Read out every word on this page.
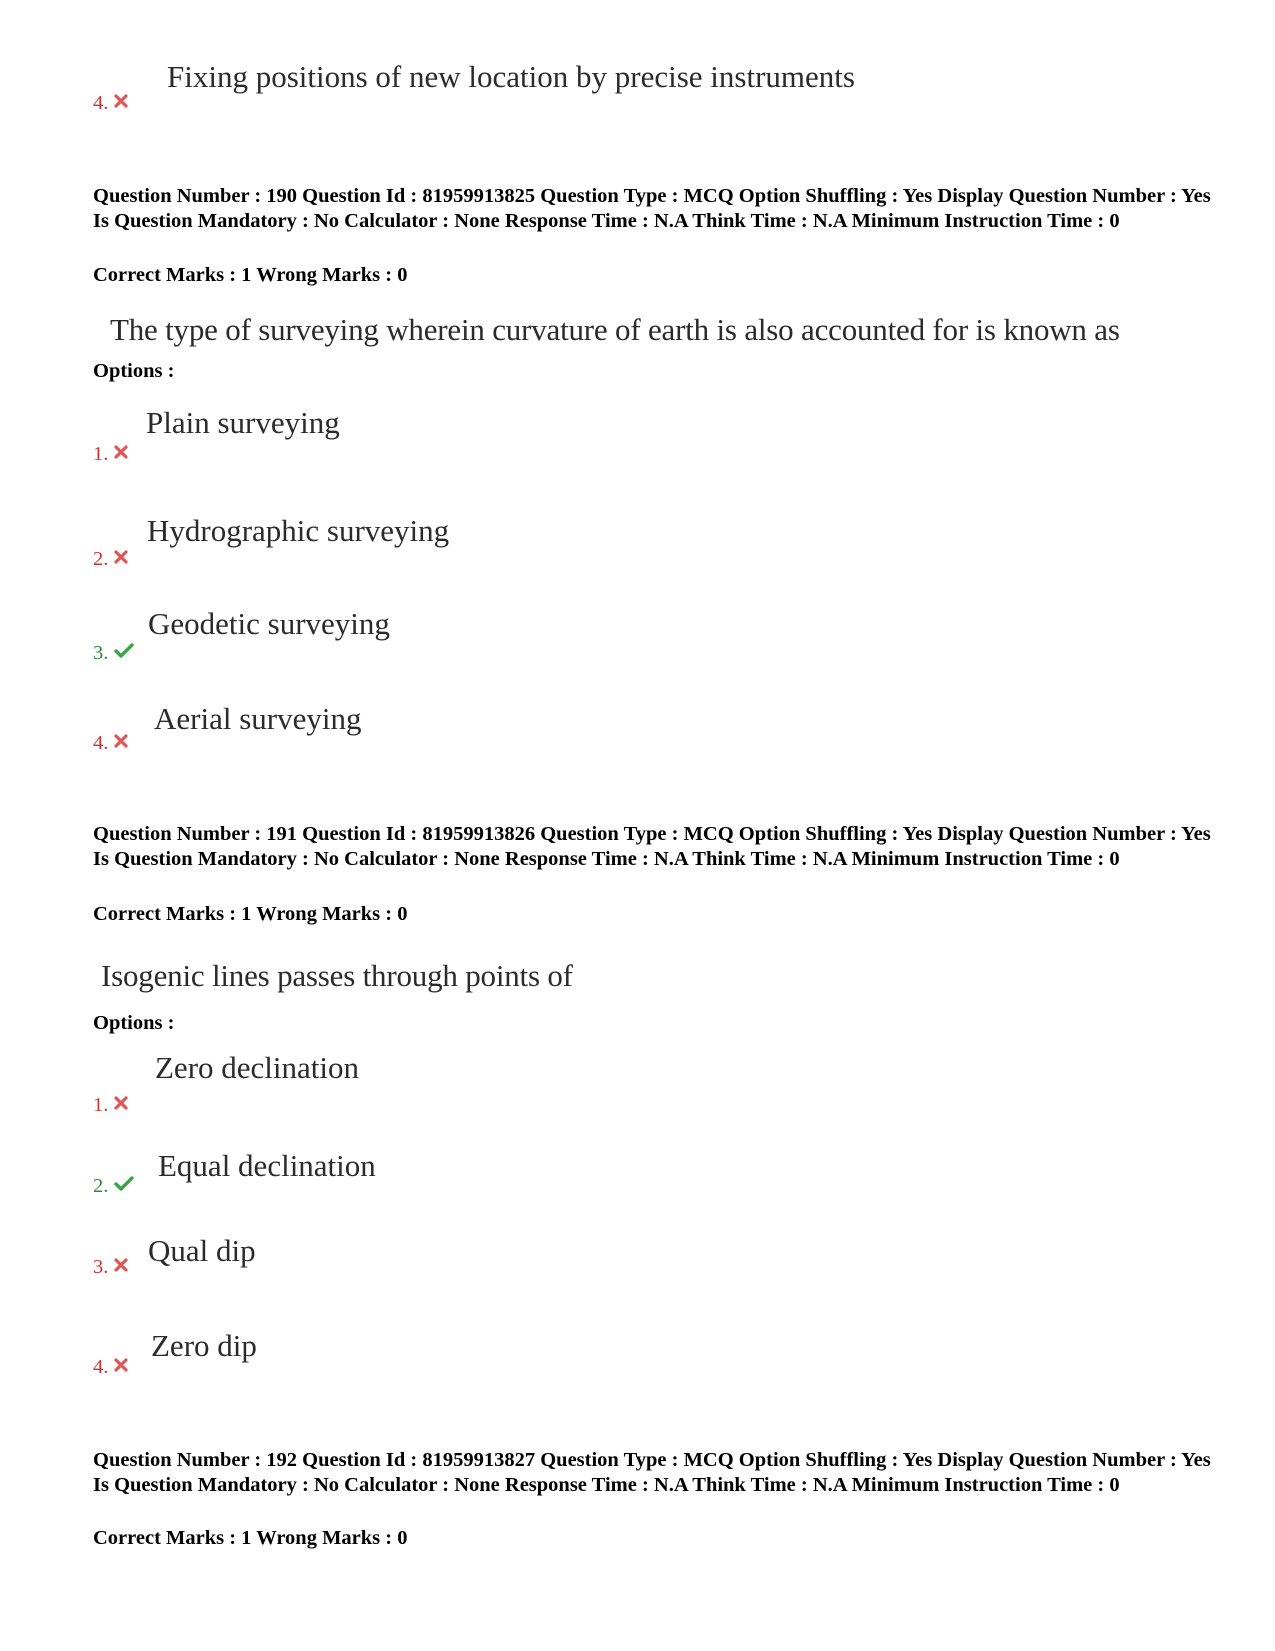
Fixing positions of new location by precise instruments
4.

Question Number : 190 Question Id : 81959913825 Question Type : MCQ Option Shuffling : Yes Display Question Number : Yes Is Question Mandatory : No Calculator : None Response Time : N.A Think Time : N.A Minimum Instruction Time : 0

Correct Marks : 1 Wrong Marks : 0
The type of surveying wherein curvature of earth is also accounted for is known as
Options :
Plain surveying
1.
Hydrographic surveying
2.
Geodetic surveying
3.
Aerial surveying
4.

Question Number : 191 Question Id : 81959913826 Question Type : MCQ Option Shuffling : Yes Display Question Number : Yes Is Question Mandatory : No Calculator : None Response Time : N.A Think Time : N.A Minimum Instruction Time : 0

Correct Marks : 1 Wrong Marks : 0
Isogenic lines passes through points of
Options :
Zero declination
1.
Equal declination
2.
Qual dip
3.
Zero dip
4.

Question Number : 192 Question Id : 81959913827 Question Type : MCQ Option Shuffling : Yes Display Question Number : Yes Is Question Mandatory : No Calculator : None Response Time : N.A Think Time : N.A Minimum Instruction Time : 0

Correct Marks : 1 Wrong Marks : 0
